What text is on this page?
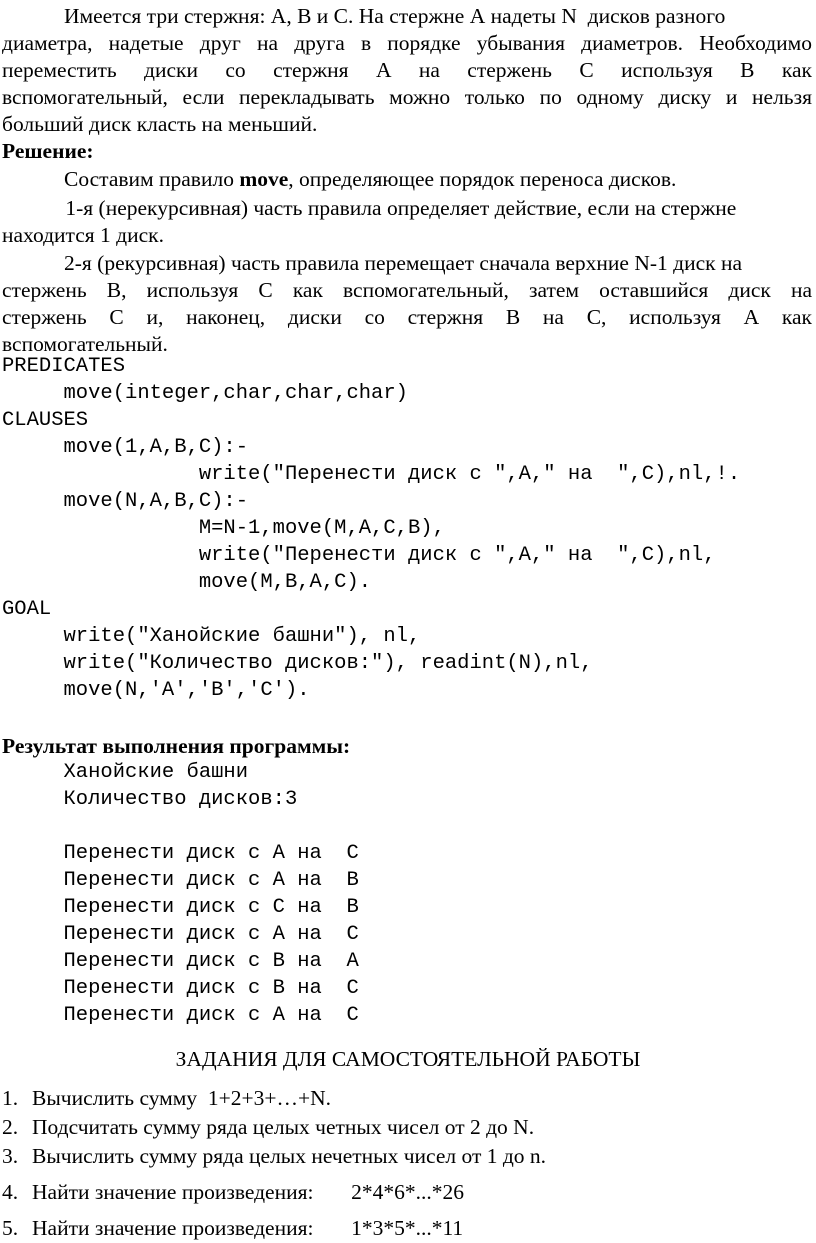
Имеется три стержня: А, В и С. На стержне А надеты N  дисков разного
диаметра, надетые друг на друга в порядке убывания диаметров. Необходимо
переместить диски со стержня А на стержень С используя В как
вспомогательный, если перекладывать можно только по одному диску и нельзя
больший диск класть на меньший.
Решение:
Составим правило move, определяющее порядок переноса дисков.
1-я (нерекурсивная) часть правила определяет действие, если на стержне
находится 1 диск.
2-я (рекурсивная) часть правила перемещает сначала верхние N-1 диск на
стержень В, используя С как вспомогательный, затем оставшийся диск на
стержень С и, наконец, диски со стержня В на С, используя А как
вспомогательный.
PREDICATES
move(integer,char,char,char)
CLAUSES
move(1,A,B,C):-
write("Перенести диск с ",A," на  ",C),nl,!.
move(N,A,B,C):-
M=N-1,move(M,A,C,B),
write("Перенести диск с ",A," на  ",C),nl,
move(M,B,A,C).
GOAL
write("Ханойские башни"), nl,
write("Количество дисков:"), readint(N),nl,
move(N,'A','B','C').
Результат выполнения программы:
Ханойские башни
Количество дисков:3
Перенести диск с А на  С
Перенести диск с А на  В
Перенести диск с С на  В
Перенести диск с А на  С
Перенести диск с В на  А
Перенести диск с В на  С
Перенести диск с А на  С
ЗАДАНИЯ ДЛЯ САМОСТОЯТЕЛЬНОЙ РАБОТЫ
1. Вычислить сумму  1+2+3+…+N.
2. Подсчитать сумму ряда целых четных чисел от 2 до N.
3. Вычислить сумму ряда целых нечетных чисел от 1 до n.
4. Найти значение произведения:       2*4*6*...*26
5. Найти значение произведения:       1*3*5*...*11
